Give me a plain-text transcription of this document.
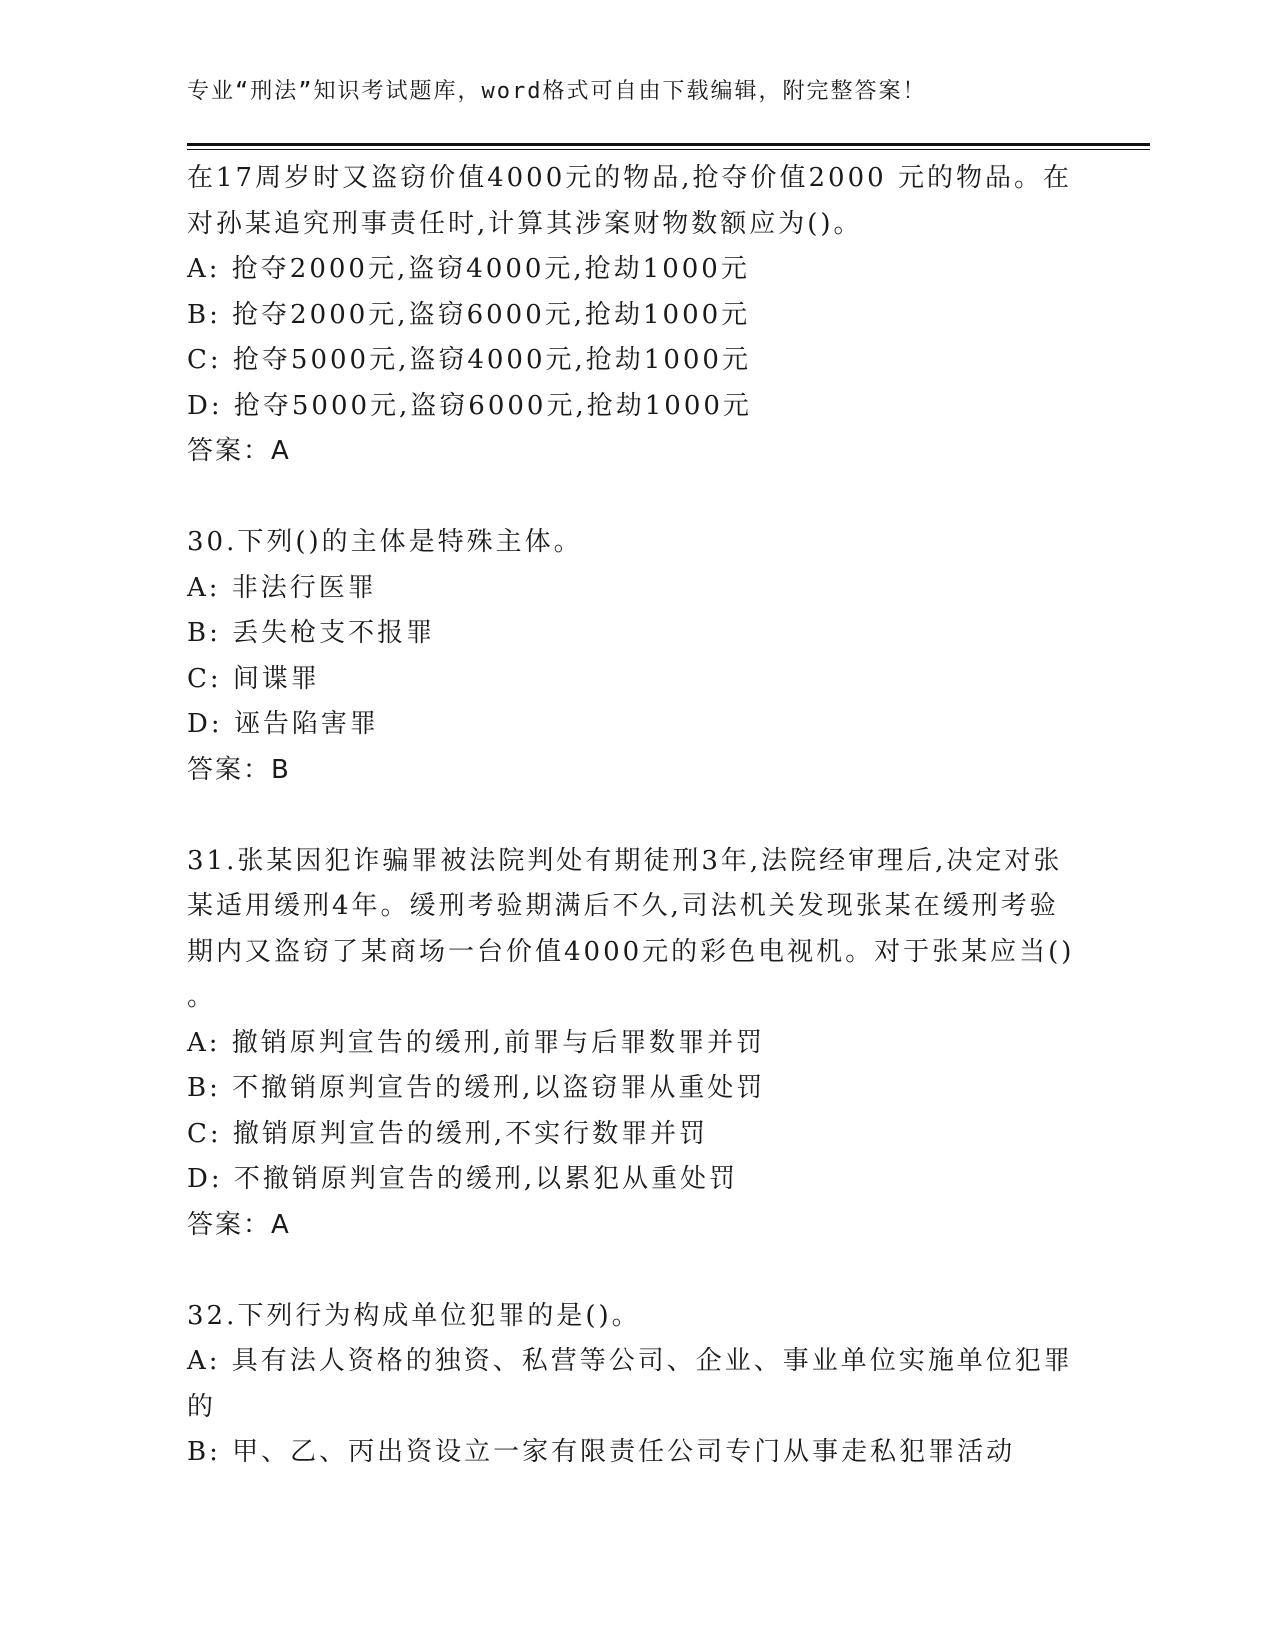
专业“刑法”知识考试题库，word格式可自由下载编辑，附完整答案！
在17周岁时又盗窃价值4000元的物品,抢夺价值2000 元的物品。在
对孙某追究刑事责任时,计算其涉案财物数额应为()。
A: 抢夺2000元,盗窃4000元,抢劫1000元
B: 抢夺2000元,盗窃6000元,抢劫1000元
C: 抢夺5000元,盗窃4000元,抢劫1000元
D: 抢夺5000元,盗窃6000元,抢劫1000元
答案：A
30.下列()的主体是特殊主体。
A: 非法行医罪
B: 丢失枪支不报罪
C: 间谍罪
D: 诬告陷害罪
答案：B
31.张某因犯诈骗罪被法院判处有期徒刑3年,法院经审理后,决定对张
某适用缓刑4年。缓刑考验期满后不久,司法机关发现张某在缓刑考验
期内又盗窃了某商场一台价值4000元的彩色电视机。对于张某应当()
。
A: 撤销原判宣告的缓刑,前罪与后罪数罪并罚
B: 不撤销原判宣告的缓刑,以盗窃罪从重处罚
C: 撤销原判宣告的缓刑,不实行数罪并罚
D: 不撤销原判宣告的缓刑,以累犯从重处罚
答案：A
32.下列行为构成单位犯罪的是()。
A: 具有法人资格的独资、私营等公司、企业、事业单位实施单位犯罪
的
B: 甲、乙、丙出资设立一家有限责任公司专门从事走私犯罪活动
